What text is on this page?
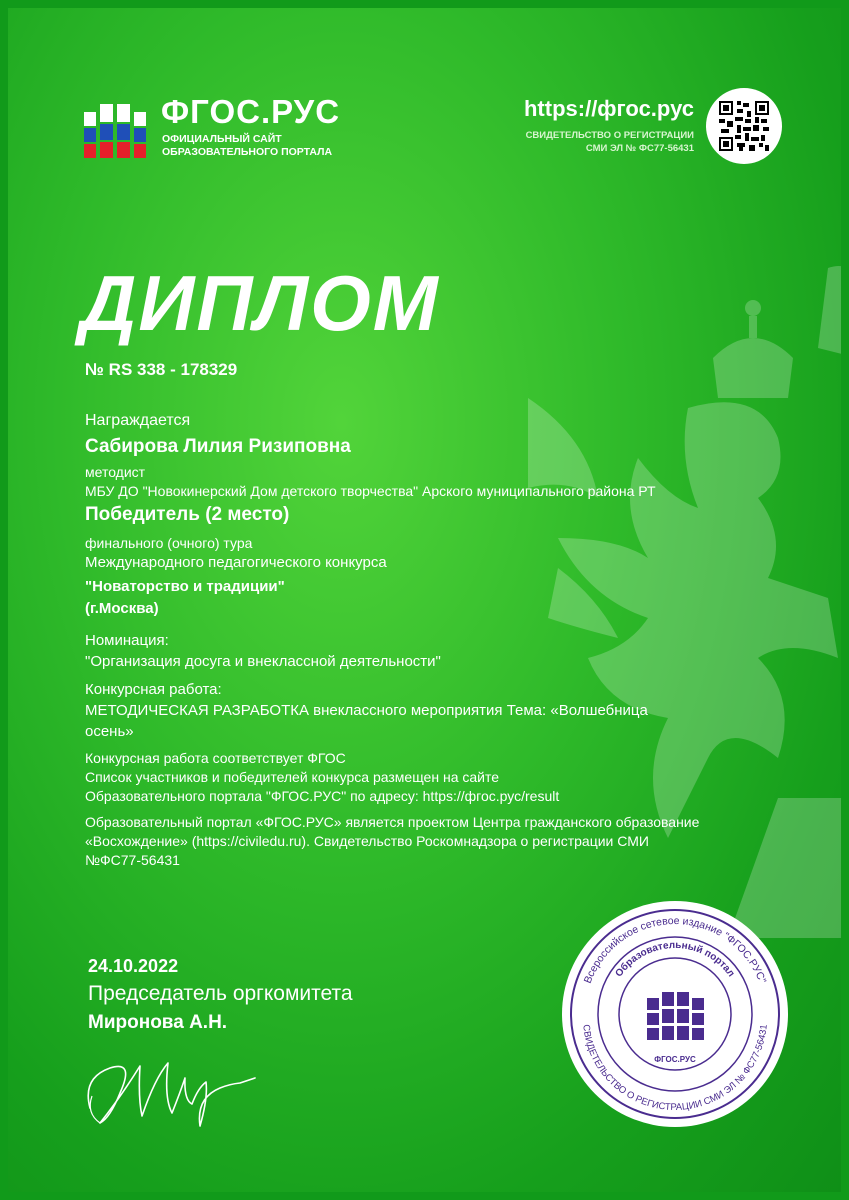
ФГОС.РУС
ОФИЦИАЛЬНЫЙ САЙТ
ОБРАЗОВАТЕЛЬНОГО ПОРТАЛА
https://фгос.рус
СВИДЕТЕЛЬСТВО О РЕГИСТРАЦИИ
СМИ ЭЛ № ФС77-56431
ДИПЛОМ
№ RS 338 - 178329
Награждается
Сабирова Лилия Ризиповна
методист
МБУ ДО "Новокинерский Дом детского творчества" Арского муниципального района РТ
Победитель (2 место)
финального (очного) тура
Международного педагогического конкурса
"Новаторство и традиции"
(г.Москва)
Номинация:
"Организация досуга и внеклассной деятельности"
Конкурсная работа:
МЕТОДИЧЕСКАЯ РАЗРАБОТКА внеклассного мероприятия Тема: «Волшебница
осень»
Конкурсная работа соответствует ФГОС
Список участников и победителей конкурса размещен на сайте
Образовательного портала "ФГОС.РУС" по адресу: https://фгос.рус/result
Образовательный портал «ФГОС.РУС» является проектом Центра гражданского образование
«Восхождение» (https://civiledu.ru). Свидетельство Роскомнадзора о регистрации СМИ
№ФС77-56431
24.10.2022
Председатель оргкомитета
Миронова А.Н.
Всероссийское сетевое издание "ФГОС.РУС"
СВИДЕТЕЛЬСТВО О РЕГИСТРАЦИИ СМИ ЭЛ № ФС77-56431
Образовательный портал
ФГОС.РУС
